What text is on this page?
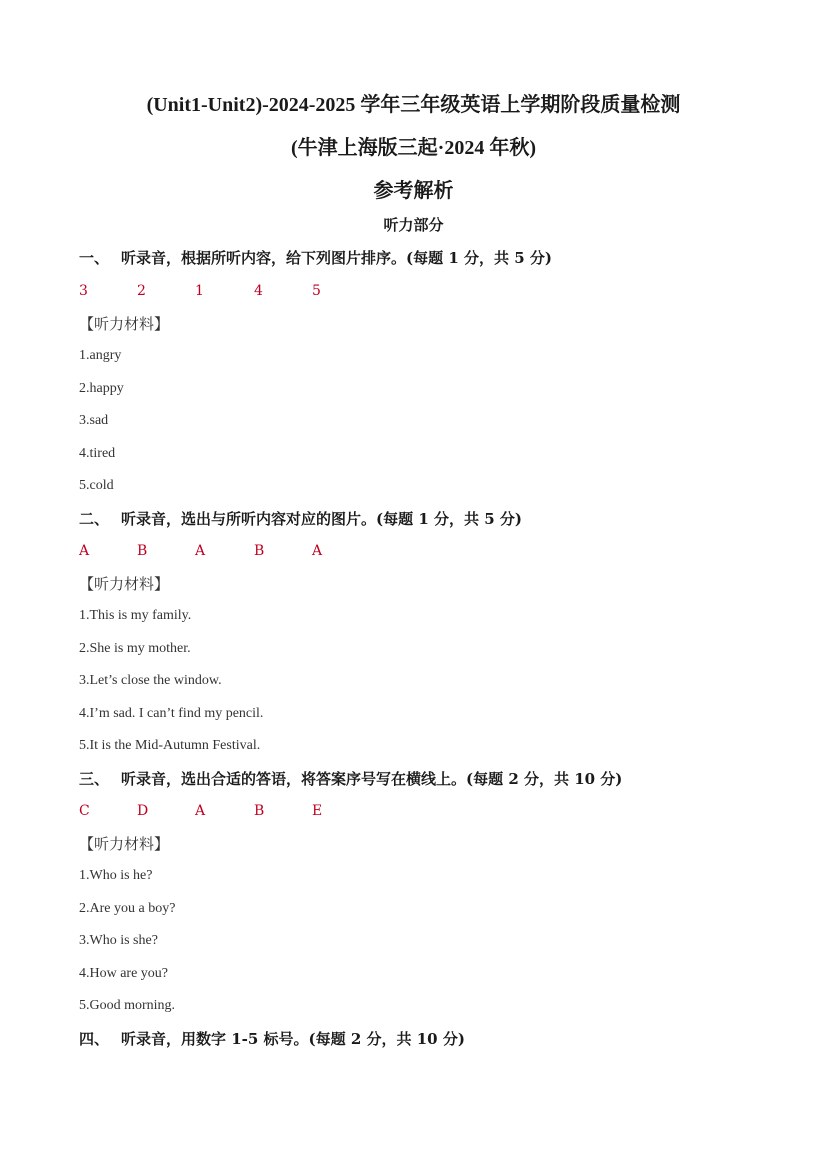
(Unit1-Unit2)-2024-2025 学年三年级英语上学期阶段质量检测
(牛津上海版三起·2024 年秋)
参考解析
听力部分
一、 听录音，根据所听内容，给下列图片排序。(每题 1 分，共 5 分)
3	2	1	4	5
【听力材料】
1.angry
2.happy
3.sad
4.tired
5.cold
二、 听录音，选出与所听内容对应的图片。(每题 1 分，共 5 分)
A	B	A	B	A
【听力材料】
1.This is my family.
2.She is my mother.
3.Let’s close the window.
4.I’m sad. I can’t find my pencil.
5.It is the Mid-Autumn Festival.
三、 听录音，选出合适的答语，将答案序号写在横线上。(每题 2 分，共 10 分)
C	D	A	B	E
【听力材料】
1.Who is he?
2.Are you a boy?
3.Who is she?
4.How are you?
5.Good morning.
四、 听录音，用数字 1-5 标号。(每题 2 分，共 10 分)
